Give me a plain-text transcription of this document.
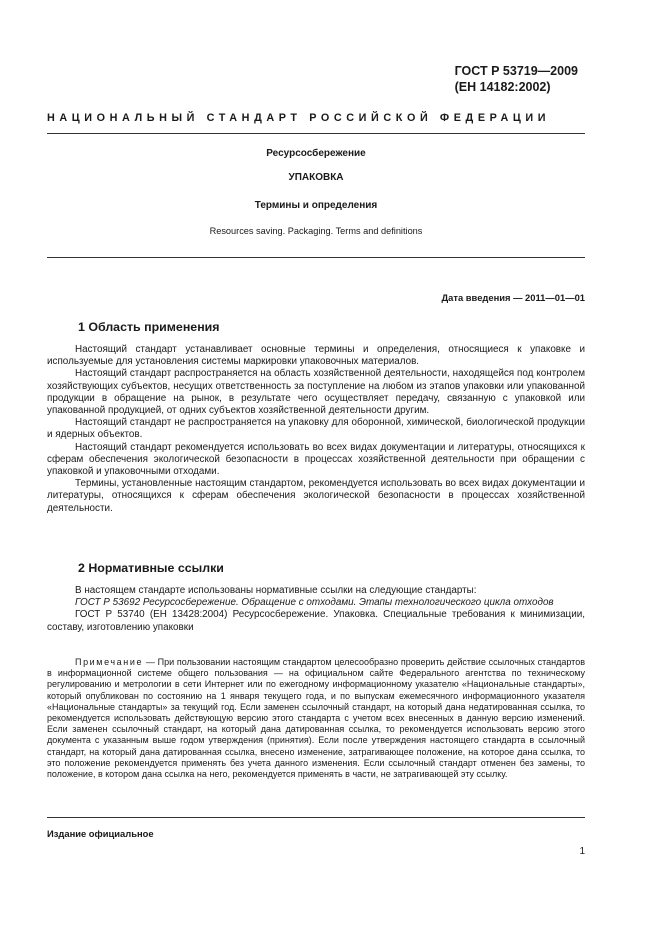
ГОСТ Р 53719—2009
(ЕН 14182:2002)
НАЦИОНАЛЬНЫЙ СТАНДАРТ РОССИЙСКОЙ ФЕДЕРАЦИИ
Ресурсосбережение
УПАКОВКА
Термины и определения
Resources saving. Packaging. Terms and definitions
Дата введения — 2011—01—01
1 Область применения

Настоящий стандарт устанавливает основные термины и определения, относящиеся к упаковке и используемые для установления системы маркировки упаковочных материалов.

Настоящий стандарт распространяется на область хозяйственной деятельности, находящейся под контролем хозяйствующих субъектов, несущих ответственность за поступление на любом из этапов упаковки или упакованной продукции в обращение на рынок, в результате чего осуществляет передачу, связанную с упаковкой или упакованной продукцией, от одних субъектов хозяйственной деятельности другим.

Настоящий стандарт не распространяется на упаковку для оборонной, химической, биологической продукции и ядерных объектов.

Настоящий стандарт рекомендуется использовать во всех видах документации и литературы, относящихся к сферам обеспечения экологической безопасности в процессах хозяйственной деятельности при обращении с упаковкой и упаковочными отходами.

Термины, установленные настоящим стандартом, рекомендуется использовать во всех видах документации и литературы, относящихся к сферам обеспечения экологической безопасности в процессах хозяйственной деятельности.

2 Нормативные ссылки

В настоящем стандарте использованы нормативные ссылки на следующие стандарты:

ГОСТ Р 53692 Ресурсосбережение. Обращение с отходами. Этапы технологического цикла отходов

ГОСТ Р 53740 (ЕН 13428:2004) Ресурсосбережение. Упаковка. Специальные требования к минимизации, составу, изготовлению упаковки

Примечание — При пользовании настоящим стандартом целесообразно проверить действие ссылочных стандартов в информационной системе общего пользования — на официальном сайте Федерального агентства по техническому регулированию и метрологии в сети Интернет или по ежегодному информационному указателю «Национальные стандарты», который опубликован по состоянию на 1 января текущего года, и по выпускам ежемесячного информационного указателя «Национальные стандарты» за текущий год. Если заменен ссылочный стандарт, на который дана недатированная ссылка, то рекомендуется использовать действующую версию этого стандарта с учетом всех внесенных в данную версию изменений. Если заменен ссылочный стандарт, на который дана датированная ссылка, то рекомендуется использовать версию этого документа с указанным выше годом утверждения (принятия). Если после утверждения настоящего стандарта в ссылочный стандарт, на который дана датированная ссылка, внесено изменение, затрагивающее положение, на которое дана ссылка, то это положение рекомендуется применять без учета данного изменения. Если ссылочный стандарт отменен без замены, то положение, в котором дана ссылка на него, рекомендуется применять в части, не затрагивающей эту ссылку.

Издание официальное
1
